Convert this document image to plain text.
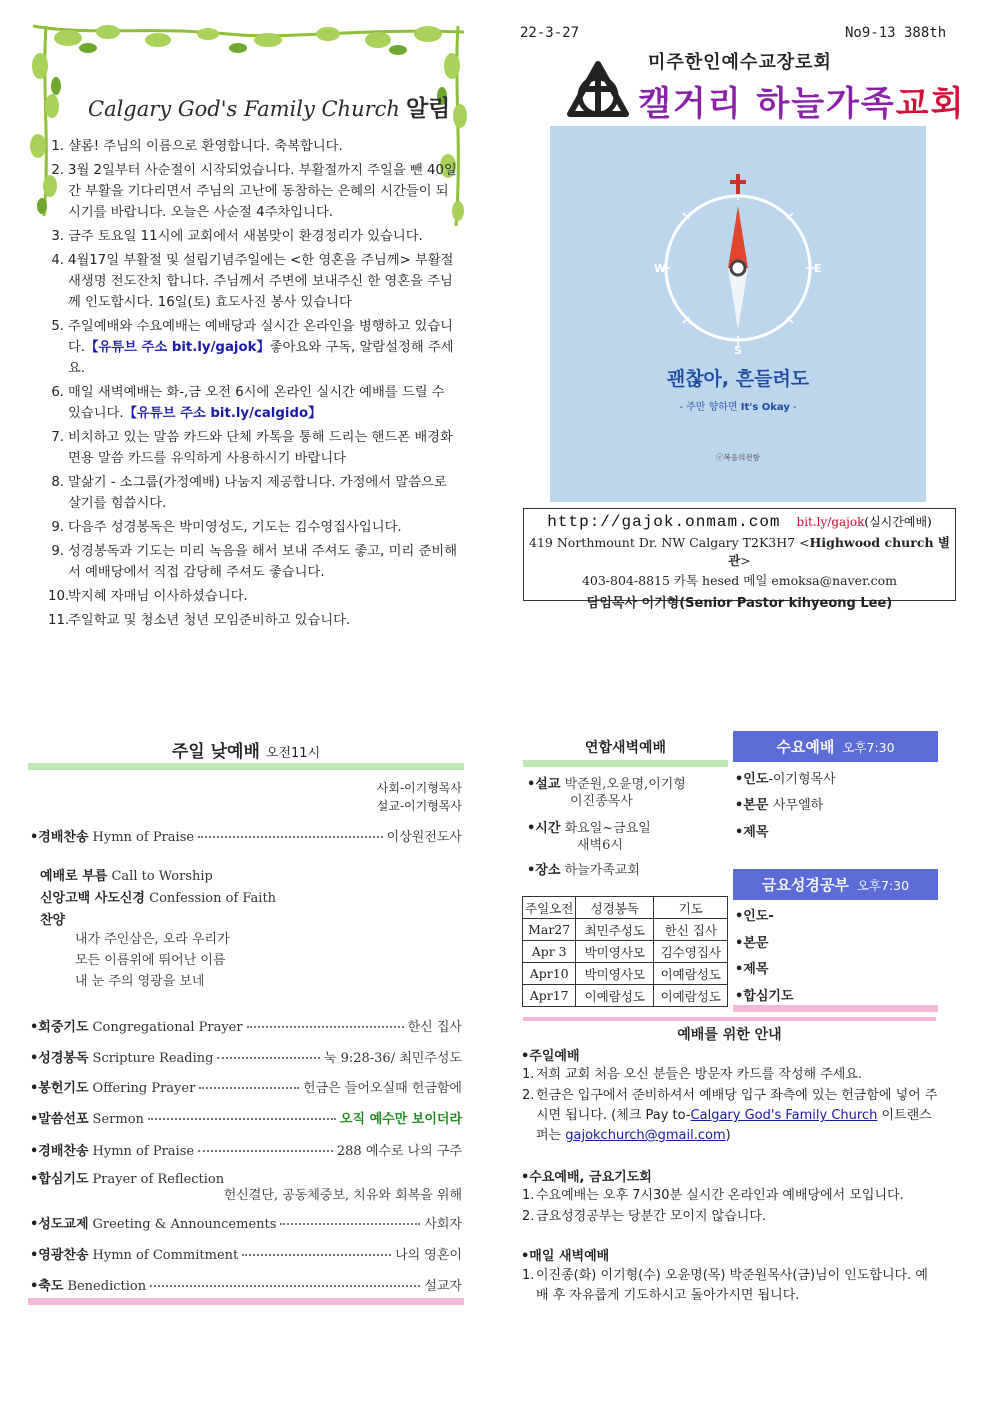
Calgary God's Family Church 알림
1. 샬롬! 주님의 이름으로 환영합니다. 축복합니다.
2. 3월 2일부터 사순절이 시작되었습니다. 부활절까지 주일을 뺀 40일간 부활을 기다리면서 주님의 고난에 동참하는 은혜의 시간들이 되시기를 바랍니다. 오늘은 사순절 4주차입니다.
3. 금주 토요일 11시에 교회에서 새봄맞이 환경정리가 있습니다.
4. 4월17일 부활절 및 설립기념주일에는 <한 영혼을 주님께> 부활절 새생명 전도잔치 합니다. 주님께서 주변에 보내주신 한 영혼을 주님께 인도합시다. 16일(토) 효도사진 봉사 있습니다
5. 주일예배와 수요예배는 예배당과 실시간 온라인을 병행하고 있습니다.【유튜브 주소 bit.ly/gajok】좋아요와 구독, 알람설정해 주세요.
6. 매일 새벽예배는 화-,금 오전 6시에 온라인 실시간 예배를 드릴 수 있습니다.【유튜브 주소 bit.ly/calgido】
7. 비치하고 있는 말씀 카드와 단체 카톡을 통해 드리는 핸드폰 배경화면용 말씀 카드를 유익하게 사용하시기 바랍니다
8. 말삶기 - 소그룹(가정예배) 나눔지 제공합니다. 가정에서 말씀으로 살기를 힘씁시다.
9. 다음주 성경봉독은 박미영성도, 기도는 김수영집사입니다.
9. 성경봉독과 기도는 미리 녹음을 해서 보내 주셔도 좋고, 미리 준비해서 예배당에서 직접 감당해 주셔도 좋습니다.
10.
박지혜 자매님 이사하셨습니다.
11.
주일학교 및 청소년 청년 모임준비하고 있습니다.
22-3-27	No9-13 388th
미주한인예수교장로회
캘거리 하늘가족교회
W	E
S
괜찮아, 흔들려도
- 주만 향하면 It's Okay -
ⓒ복음의전함
http://gajok.onmam.com bit.ly/gajok(실시간예배)
419 Northmount Dr. NW Calgary T2K3H7 <Highwood church 별관>
403-804-8815 카톡 hesed 메일 emoksa@naver.com
담임목사 이기형(Senior Pastor kihyeong Lee)
주일 낮예배 오전11시
사회-이기형목사
설교-이기형목사
•경배찬송 Hymn of Praise	이상원전도사
예배로 부름 Call to Worship
신앙고백 사도신경 Confession of Faith
찬양
내가 주인삼은, 오라 우리가
모든 이름위에 뛰어난 이름
내 눈 주의 영광을 보네
•회중기도 Congregational Prayer	한신 집사
•성경봉독 Scripture Reading	눅 9:28-36/ 최민주성도
•봉헌기도 Offering Prayer	헌금은 들어오실때 헌금함에
•말씀선포 Sermon	오직 예수만 보이더라
•경배찬송 Hymn of Praise	288 예수로 나의 구주
•합심기도 Prayer of Reflection
헌신결단, 공동체중보, 치유와 회복을 위해
•성도교제 Greeting & Announcements	사회자
•영광찬송 Hymn of Commitment	나의 영혼이
•축도 Benediction	설교자
연합새벽예배
•설교 박준원,오윤명,이기형
이진종목사
•시간 화요일~금요일
새벽6시
•장소 하늘가족교회
주일오전	성경봉독	기도
Mar27	최민주성도	한신 집사
Apr 3	박미영사모	김수영집사
Apr10	박미영사모	이예람성도
Apr17	이예람성도	이예람성도
수요예배 오후7:30
•인도-이기형목사
•본문 사무엘하
•제목
금요성경공부 오후7:30
•인도-
•본문
•제목
•합심기도
예배를 위한 안내
•주일예배
1. 저희 교회 처음 오신 분들은 방문자 카드를 작성해 주세요.
2. 헌금은 입구에서 준비하셔서 예배당 입구 좌측에 있는 헌금함에 넣어 주시면 됩니다. (체크 Pay to-Calgary God's Family Church 이트랜스퍼는 gajokchurch@gmail.com)
•수요예배, 금요기도회
1. 수요예배는 오후 7시30분 실시간 온라인과 예배당에서 모입니다.
2. 금요성경공부는 당분간 모이지 않습니다.
•매일 새벽예배
1. 이진종(화) 이기형(수) 오윤명(목) 박준원목사(금)님이 인도합니다. 예배 후 자유롭게 기도하시고 돌아가시면 됩니다.
